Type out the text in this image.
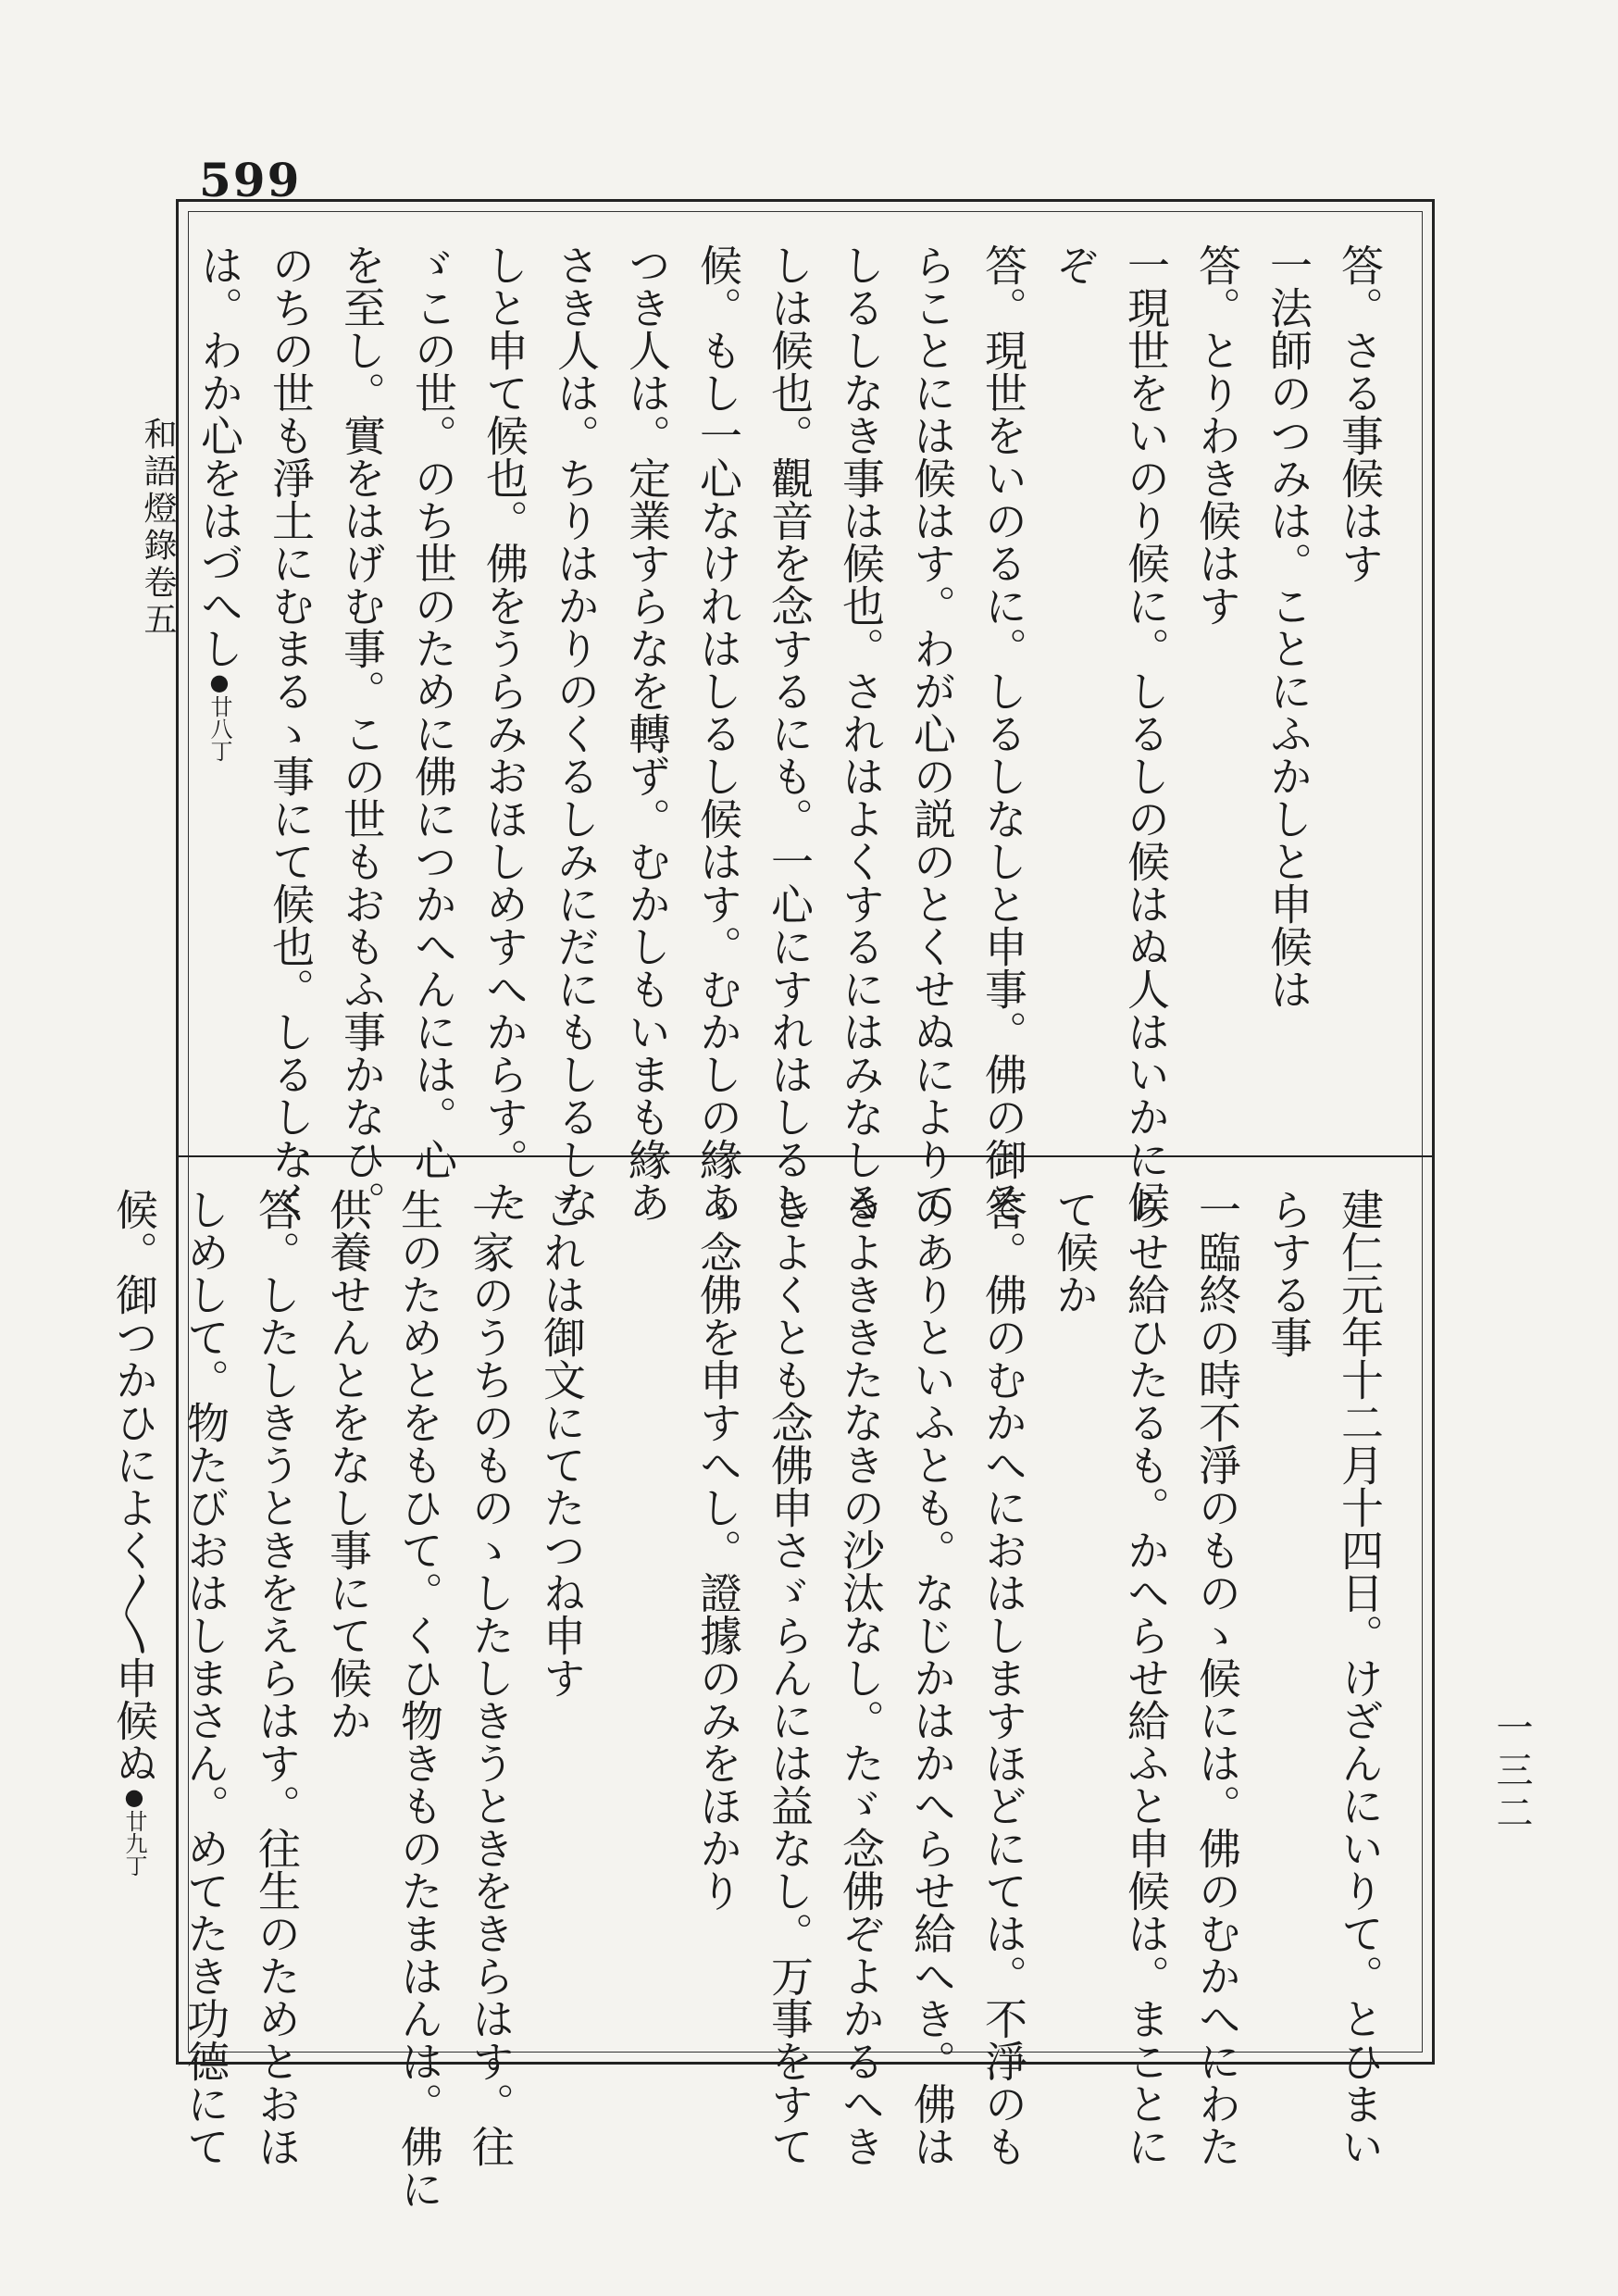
599
和語燈錄卷五
一三二
答。さる事候はす
一法師のつみは。ことにふかしと申候は
答。とりわき候はす
一現世をいのり候に。しるしの候はぬ人はいかに候
ぞ
答。現世をいのるに。しるしなしと申事。佛の御そ
らことには候はす。わが心の説のとくせぬによりて
しるしなき事は候也。されはよくするにはみなしる
しは候也。觀音を念するにも。一心にすれはしるし
候。もし一心なけれはしるし候はす。むかしの緣あ
つき人は。定業すらなを轉ず。むかしもいまも緣あ
さき人は。ちりはかりのくるしみにだにもしるしな
しと申て候也。佛をうらみおほしめすへからす。た
ゞこの世。のち世のために佛につかへんには。心
を至し。實をはげむ事。この世もおもふ事かなひ。
のちの世も淨土にむまるゝ事にて候也。しるしなく
は。わか心をはづへし●廿八丁
建仁元年十二月十四日。けざんにいりて。とひまい
らする事
一臨終の時不淨のものゝ候には。佛のむかへにわた
らせ給ひたるも。かへらせ給ふと申候は。まことに
て候か
答。佛のむかへにおはしますほどにては。不淨のも
のありといふとも。なじかはかへらせ給へき。佛は
きよききたなきの沙汰なし。たゞ念佛ぞよかるへき
きよくとも念佛申さゞらんには益なし。万事をすて
ゝ念佛を申すへし。證據のみをほかり
これは御文にてたつね申す
一家のうちのものゝしたしきうときをきらはす。往
生のためとをもひて。くひ物きものたまはんは。佛に
供養せんとをなし事にて候か
答。したしきうときをえらはす。往生のためとおほ
しめして。物たびおはしまさん。めてたき功德にて
候。御つかひによく〳〵申候ぬ●廿九丁
